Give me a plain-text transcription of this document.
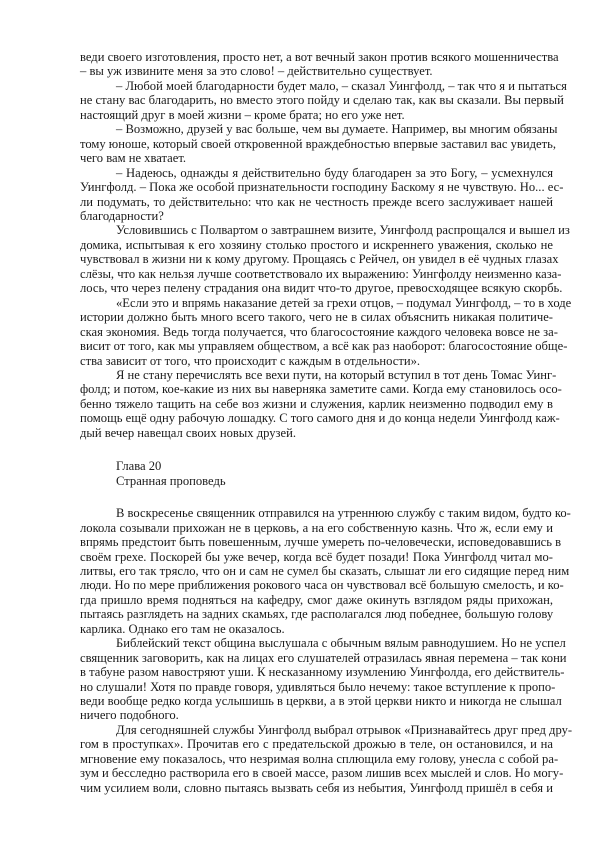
веди своего изготовления, просто нет, а вот вечный закон против всякого мошенничества
– вы уж извините меня за это слово! – действительно существует.
– Любой моей благодарности будет мало, – сказал Уингфолд, – так что я и пытаться
не стану вас благодарить, но вместо этого пойду и сделаю так, как вы сказали. Вы первый
настоящий друг в моей жизни – кроме брата; но его уже нет.
– Возможно, друзей у вас больше, чем вы думаете. Например, вы многим обязаны
тому юноше, который своей откровенной враждебностью впервые заставил вас увидеть,
чего вам не хватает.
– Надеюсь, однажды я действительно буду благодарен за это Богу, – усмехнулся
Уингфолд. – Пока же особой признательности господину Баскому я не чувствую. Но... ес-
ли подумать, то действительно: что как не честность прежде всего заслуживает нашей
благодарности?
Условившись с Полвартом о завтрашнем визите, Уингфолд распрощался и вышел из
домика, испытывая к его хозяину столько простого и искреннего уважения, сколько не
чувствовал в жизни ни к кому другому. Прощаясь с Рейчел, он увидел в её чудных глазах
слёзы, что как нельзя лучше соответствовало их выражению: Уингфолду неизменно каза-
лось, что через пелену страдания она видит что-то другое, превосходящее всякую скорбь.
«Если это и впрямь наказание детей за грехи отцов, – подумал Уингфолд, – то в ходе
истории должно быть много всего такого, чего не в силах объяснить никакая политиче-
ская экономия. Ведь тогда получается, что благосостояние каждого человека вовсе не за-
висит от того, как мы управляем обществом, а всё как раз наоборот: благосостояние обще-
ства зависит от того, что происходит с каждым в отдельности».
Я не стану перечислять все вехи пути, на который вступил в тот день Томас Уинг-
фолд; и потом, кое-какие из них вы наверняка заметите сами. Когда ему становилось осо-
бенно тяжело тащить на себе воз жизни и служения, карлик неизменно подводил ему в
помощь ещё одну рабочую лошадку. С того самого дня и до конца недели Уингфолд каж-
дый вечер навещал своих новых друзей.
Глава 20
Странная проповедь
В воскресенье священник отправился на утреннюю службу с таким видом, будто ко-
локола созывали прихожан не в церковь, а на его собственную казнь. Что ж, если ему и
впрямь предстоит быть повешенным, лучше умереть по-человечески, исповедовавшись в
своём грехе. Поскорей бы уже вечер, когда всё будет позади! Пока Уингфолд читал мо-
литвы, его так трясло, что он и сам не сумел бы сказать, слышат ли его сидящие перед ним
люди. Но по мере приближения рокового часа он чувствовал всё большую смелость, и ко-
гда пришло время подняться на кафедру, смог даже окинуть взглядом ряды прихожан,
пытаясь разглядеть на задних скамьях, где располагался люд победнее, большую голову
карлика. Однако его там не оказалось.
Библейский текст община выслушала с обычным вялым равнодушием. Но не успел
священник заговорить, как на лицах его слушателей отразилась явная перемена – так кони
в табуне разом навостряют уши. К несказанному изумлению Уингфолда, его действитель-
но слушали! Хотя по правде говоря, удивляться было нечему: такое вступление к пропо-
веди вообще редко когда услышишь в церкви, а в этой церкви никто и никогда не слышал
ничего подобного.
Для сегодняшней службы Уингфолд выбрал отрывок «Признавайтесь друг пред дру-
гом в проступках». Прочитав его с предательской дрожью в теле, он остановился, и на
мгновение ему показалось, что незримая волна сплющила ему голову, унесла с собой ра-
зум и бесследно растворила его в своей массе, разом лишив всех мыслей и слов. Но могу-
чим усилием воли, словно пытаясь вызвать себя из небытия, Уингфолд пришёл в себя и
